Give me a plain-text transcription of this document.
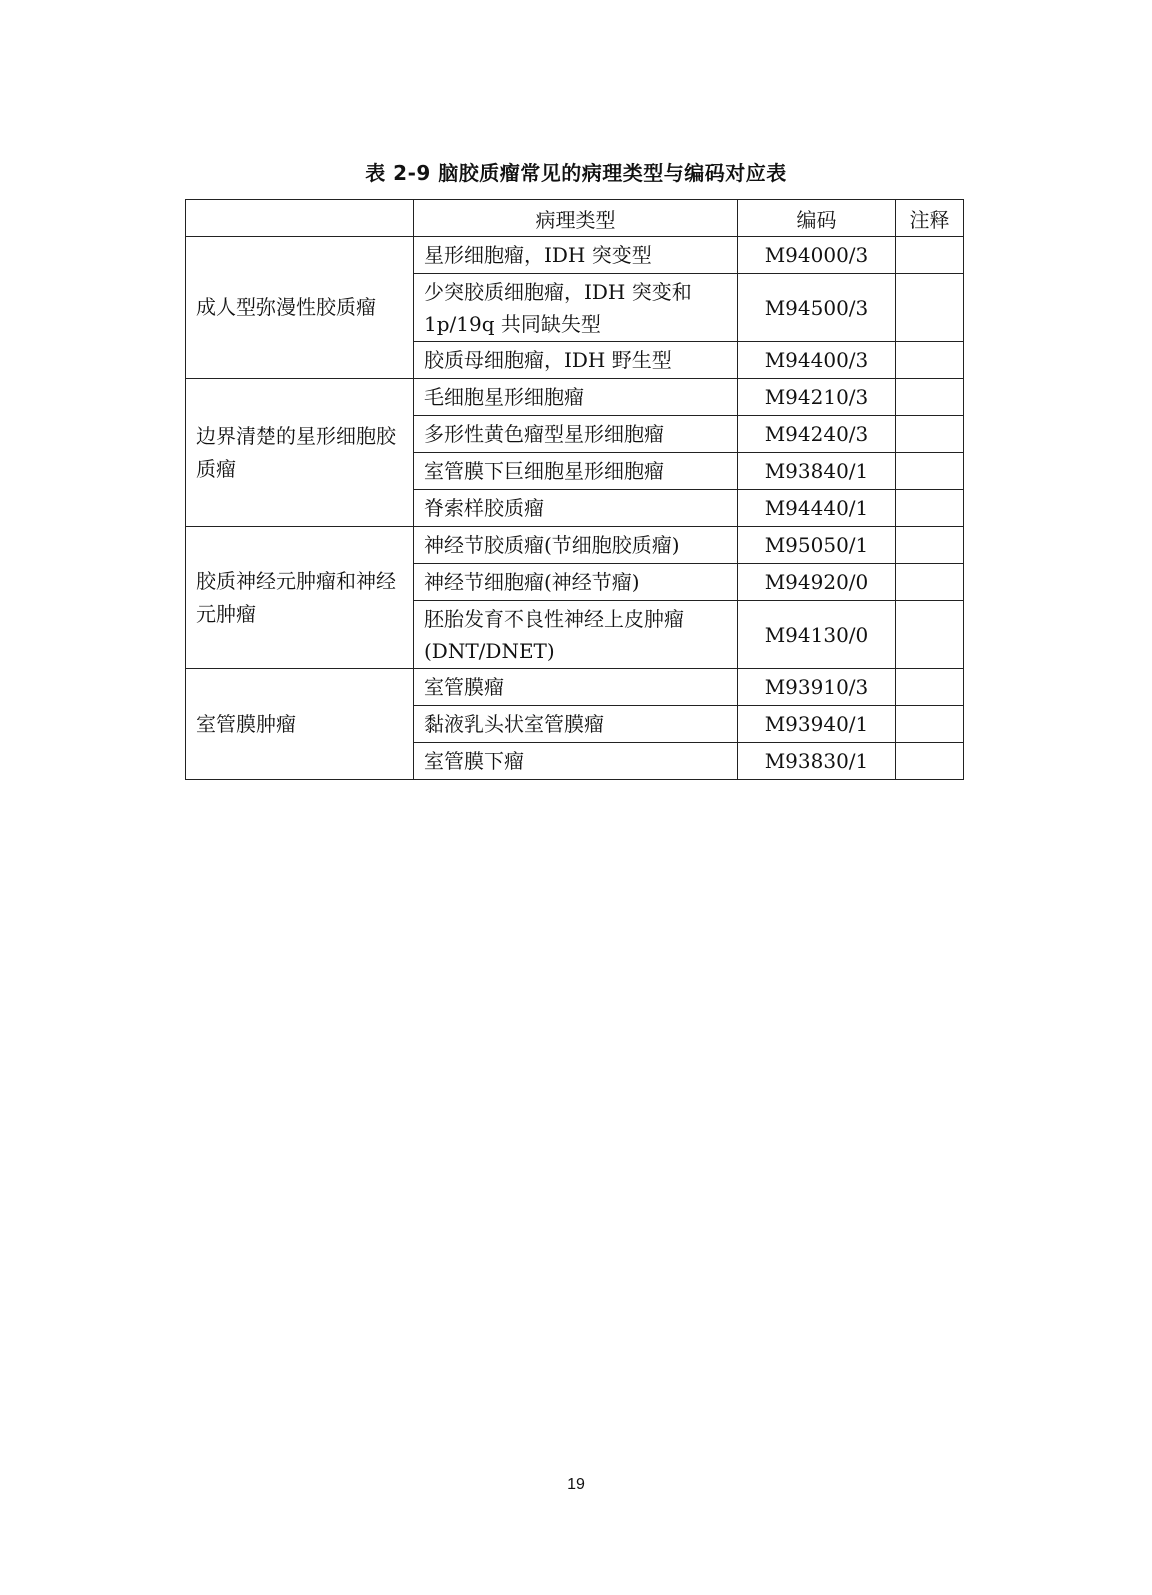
表 2-9 脑胶质瘤常见的病理类型与编码对应表
	病理类型	编码	注释
成人型弥漫性胶质瘤	星形细胞瘤，IDH 突变型	M94000/3	
	少突胶质细胞瘤，IDH 突变和1p/19q 共同缺失型	M94500/3	
	胶质母细胞瘤，IDH 野生型	M94400/3	
边界清楚的星形细胞胶质瘤	毛细胞星形细胞瘤	M94210/3	
	多形性黄色瘤型星形细胞瘤	M94240/3	
	室管膜下巨细胞星形细胞瘤	M93840/1	
	脊索样胶质瘤	M94440/1	
胶质神经元肿瘤和神经元肿瘤	神经节胶质瘤(节细胞胶质瘤)	M95050/1	
	神经节细胞瘤(神经节瘤)	M94920/0	
	胚胎发育不良性神经上皮肿瘤(DNT/DNET)	M94130/0	
室管膜肿瘤	室管膜瘤	M93910/3	
	黏液乳头状室管膜瘤	M93940/1	
	室管膜下瘤	M93830/1	
19
